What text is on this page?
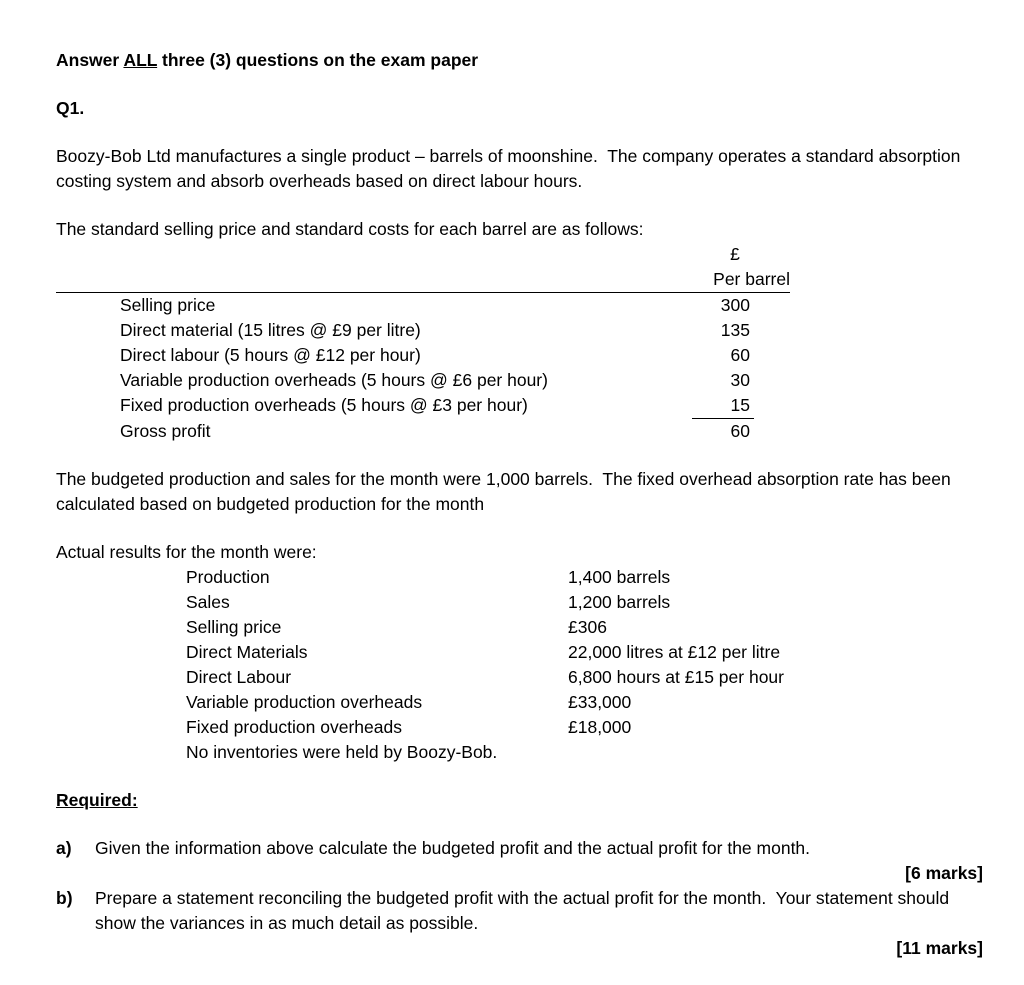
Answer ALL three (3) questions on the exam paper

Q1.

Boozy-Bob Ltd manufactures a single product – barrels of moonshine.  The company operates a standard absorption costing system and absorb overheads based on direct labour hours.

The standard selling price and standard costs for each barrel are as follows:

£
Per barrel
Selling price	300
Direct material (15 litres @ £9 per litre)	135
Direct labour (5 hours @ £12 per hour)	60
Variable production overheads (5 hours @ £6 per hour)	30
Fixed production overheads (5 hours @ £3 per hour)	15
Gross profit	60

The budgeted production and sales for the month were 1,000 barrels.  The fixed overhead absorption rate has been calculated based on budgeted production for the month

Actual results for the month were:

Production	1,400 barrels
Sales	1,200 barrels
Selling price	£306
Direct Materials	22,000 litres at £12 per litre
Direct Labour	6,800 hours at £15 per hour
Variable production overheads	£33,000
Fixed production overheads	£18,000
No inventories were held by Boozy-Bob.

Required:

a)	Given the information above calculate the budgeted profit and the actual profit for the month.

[6 marks]

b)	Prepare a statement reconciling the budgeted profit with the actual profit for the month.  Your statement should show the variances in as much detail as possible.

[11 marks]
